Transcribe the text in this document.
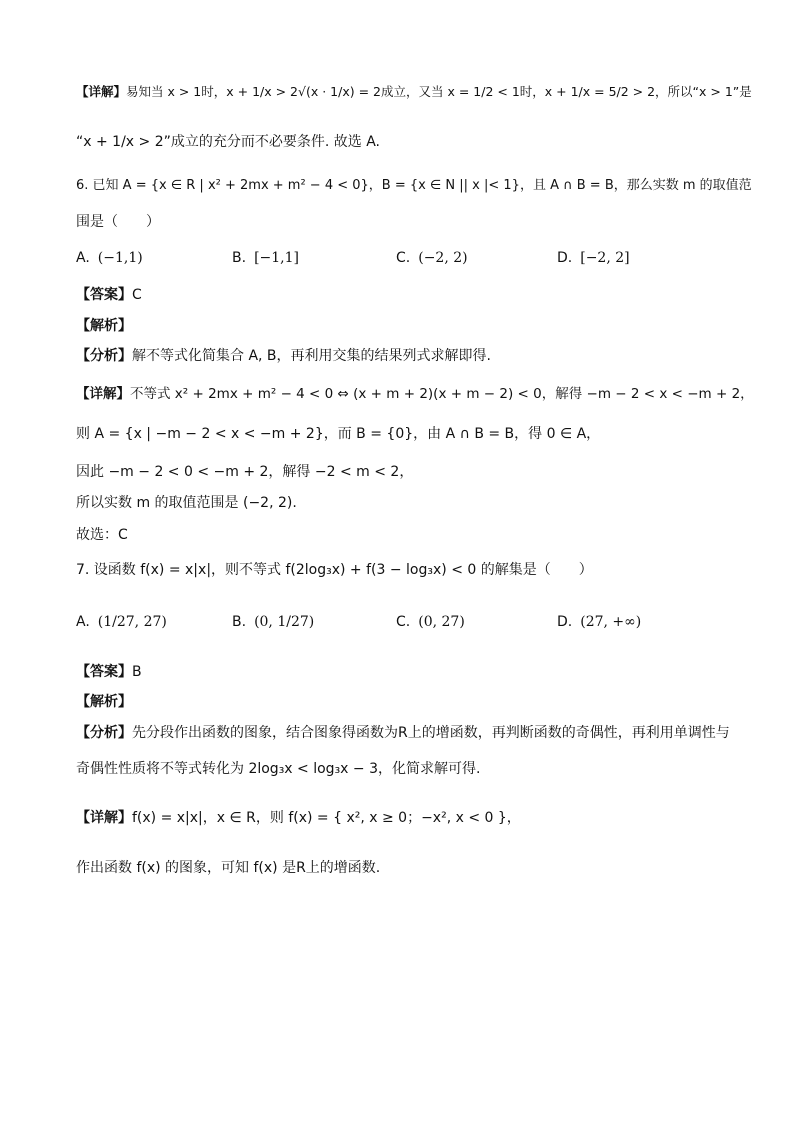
【详解】易知当 x > 1时，x + 1/x > 2√(x · 1/x) = 2成立，又当 x = 1/2 < 1时，x + 1/x = 5/2 > 2，所以“x > 1”是
“x + 1/x > 2”成立的充分而不必要条件. 故选 A.
6. 已知 A = {x ∈ R | x² + 2mx + m² − 4 < 0}，B = {x ∈ N || x |< 1}，且 A ∩ B = B，那么实数 m 的取值范
围是（　　）
A. (−1,1)	B. [−1,1]	C. (−2, 2)	D. [−2, 2]
【答案】C
【解析】
【分析】解不等式化简集合 A, B，再利用交集的结果列式求解即得.
【详解】不等式 x² + 2mx + m² − 4 < 0 ⇔ (x + m + 2)(x + m − 2) < 0，解得 −m − 2 < x < −m + 2，
则 A = {x | −m − 2 < x < −m + 2}，而 B = {0}，由 A ∩ B = B，得 0 ∈ A，
因此 −m − 2 < 0 < −m + 2，解得 −2 < m < 2，
所以实数 m 的取值范围是 (−2, 2).
故选：C
7. 设函数 f(x) = x|x|，则不等式 f(2log₃x) + f(3 − log₃x) < 0 的解集是（　　）
A. (1/27, 27)	B. (0, 1/27)	C. (0, 27)	D. (27, +∞)
【答案】B
【解析】
【分析】先分段作出函数的图象，结合图象得函数为R上的增函数，再判断函数的奇偶性，再利用单调性与
奇偶性性质将不等式转化为 2log₃x < log₃x − 3，化简求解可得.
【详解】f(x) = x|x|，x ∈ R，则 f(x) = { x², x ≥ 0；−x², x < 0 }，
作出函数 f(x) 的图象，可知 f(x) 是R上的增函数.
